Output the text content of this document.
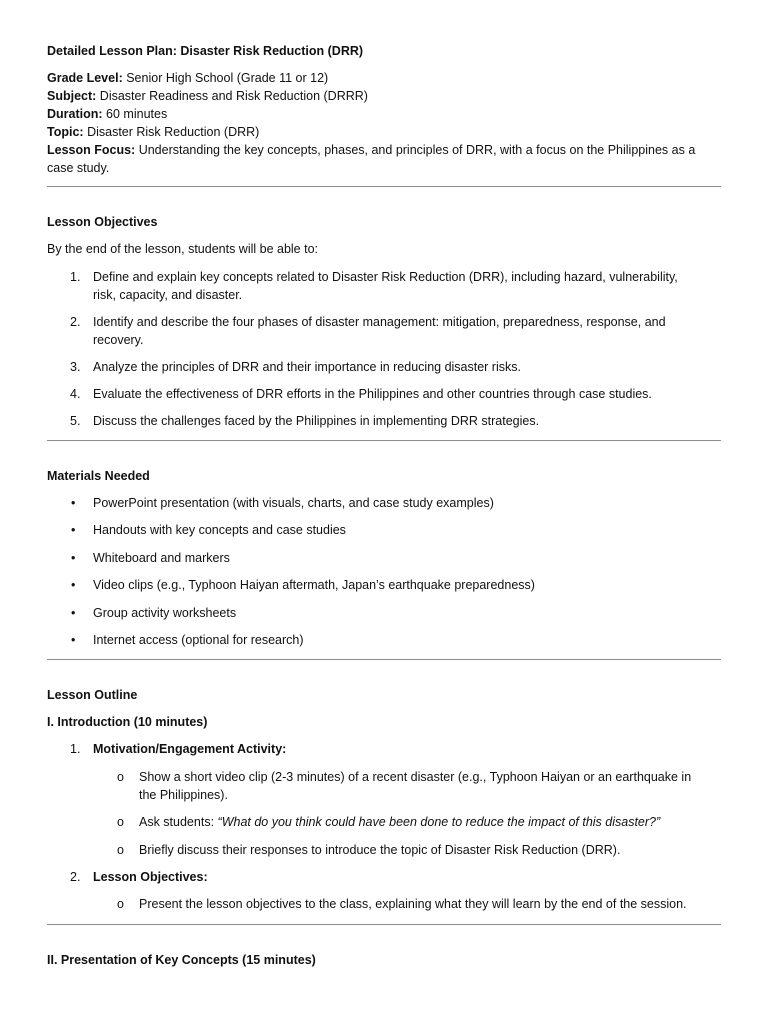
Detailed Lesson Plan: Disaster Risk Reduction (DRR)
Grade Level: Senior High School (Grade 11 or 12)
Subject: Disaster Readiness and Risk Reduction (DRRR)
Duration: 60 minutes
Topic: Disaster Risk Reduction (DRR)
Lesson Focus: Understanding the key concepts, phases, and principles of DRR, with a focus on the Philippines as a
case study.
Lesson Objectives
By the end of the lesson, students will be able to:
1. Define and explain key concepts related to Disaster Risk Reduction (DRR), including hazard, vulnerability,
risk, capacity, and disaster.
2. Identify and describe the four phases of disaster management: mitigation, preparedness, response, and
recovery.
3. Analyze the principles of DRR and their importance in reducing disaster risks.
4. Evaluate the effectiveness of DRR efforts in the Philippines and other countries through case studies.
5. Discuss the challenges faced by the Philippines in implementing DRR strategies.
Materials Needed
• PowerPoint presentation (with visuals, charts, and case study examples)
• Handouts with key concepts and case studies
• Whiteboard and markers
• Video clips (e.g., Typhoon Haiyan aftermath, Japan’s earthquake preparedness)
• Group activity worksheets
• Internet access (optional for research)
Lesson Outline
I. Introduction (10 minutes)
1. Motivation/Engagement Activity:
o Show a short video clip (2-3 minutes) of a recent disaster (e.g., Typhoon Haiyan or an earthquake in
the Philippines).
o Ask students: “What do you think could have been done to reduce the impact of this disaster?”
o Briefly discuss their responses to introduce the topic of Disaster Risk Reduction (DRR).
2. Lesson Objectives:
o Present the lesson objectives to the class, explaining what they will learn by the end of the session.
II. Presentation of Key Concepts (15 minutes)
